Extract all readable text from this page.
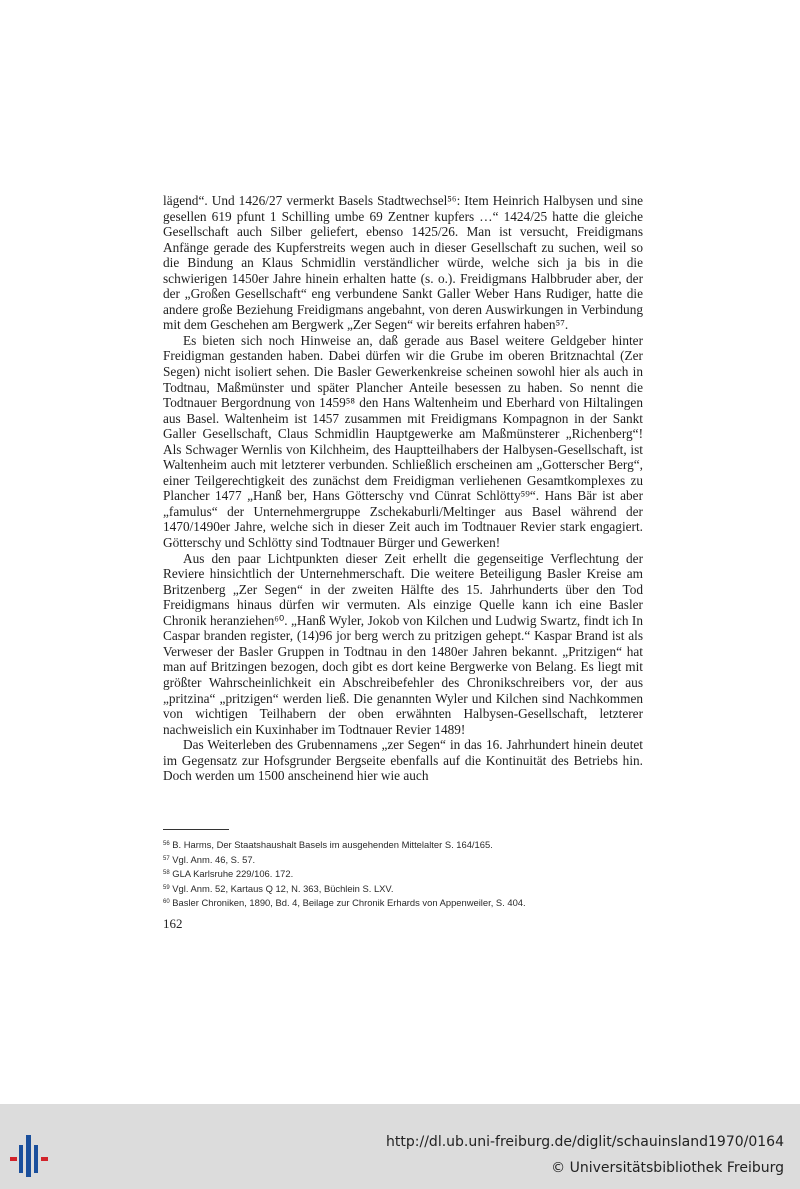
lägend“. Und 1426/27 vermerkt Basels Stadtwechsel⁵⁶: Item Heinrich Halbysen und sine gesellen 619 pfunt 1 Schilling umbe 69 Zentner kupfers …“ 1424/25 hatte die gleiche Gesellschaft auch Silber geliefert, ebenso 1425/26. Man ist versucht, Freidigmans Anfänge gerade des Kupferstreits wegen auch in dieser Gesellschaft zu suchen, weil so die Bindung an Klaus Schmidlin verständlicher würde, welche sich ja bis in die schwierigen 1450er Jahre hinein erhalten hatte (s. o.). Freidigmans Halbbruder aber, der der „Großen Gesellschaft“ eng verbundene Sankt Galler Weber Hans Rudiger, hatte die andere große Beziehung Freidigmans angebahnt, von deren Auswirkungen in Verbindung mit dem Geschehen am Bergwerk „Zer Segen“ wir bereits erfahren haben⁵⁷.

Es bieten sich noch Hinweise an, daß gerade aus Basel weitere Geldgeber hinter Freidigman gestanden haben. Dabei dürfen wir die Grube im oberen Britznachtal (Zer Segen) nicht isoliert sehen. Die Basler Gewerkenkreise scheinen sowohl hier als auch in Todtnau, Maßmünster und später Plancher Anteile besessen zu haben. So nennt die Todtnauer Bergordnung von 1459⁵⁸ den Hans Waltenheim und Eberhard von Hiltalingen aus Basel. Waltenheim ist 1457 zusammen mit Freidigmans Kompagnon in der Sankt Galler Gesellschaft, Claus Schmidlin Hauptgewerke am Maßmünsterer „Richenberg“! Als Schwager Wernlis von Kilchheim, des Hauptteilhabers der Halbysen-Gesellschaft, ist Waltenheim auch mit letzterer verbunden. Schließlich erscheinen am „Gotterscher Berg“, einer Teilgerechtigkeit des zunächst dem Freidigman verliehenen Gesamtkomplexes zu Plancher 1477 „Hanß ber, Hans Götterschy vnd Cünrat Schlötty⁵⁹“. Hans Bär ist aber „famulus“ der Unternehmergruppe Zschekaburli/Meltinger aus Basel während der 1470/1490er Jahre, welche sich in dieser Zeit auch im Todtnauer Revier stark engagiert. Götterschy und Schlötty sind Todtnauer Bürger und Gewerken!

Aus den paar Lichtpunkten dieser Zeit erhellt die gegenseitige Verflechtung der Reviere hinsichtlich der Unternehmerschaft. Die weitere Beteiligung Basler Kreise am Britzenberg „Zer Segen“ in der zweiten Hälfte des 15. Jahrhunderts über den Tod Freidigmans hinaus dürfen wir vermuten. Als einzige Quelle kann ich eine Basler Chronik heranziehen⁶⁰. „Hanß Wyler, Jokob von Kilchen und Ludwig Swartz, findt ich In Caspar branden register, (14)96 jor berg werch zu pritzigen gehept.“ Kaspar Brand ist als Verweser der Basler Gruppen in Todtnau in den 1480er Jahren bekannt. „Pritzigen“ hat man auf Britzingen bezogen, doch gibt es dort keine Bergwerke von Belang. Es liegt mit größter Wahrscheinlichkeit ein Abschreibefehler des Chronikschreibers vor, der aus „pritzina“ „pritzigen“ werden ließ. Die genannten Wyler und Kilchen sind Nachkommen von wichtigen Teilhabern der oben erwähnten Halbysen-Gesellschaft, letzterer nachweislich ein Kuxinhaber im Todtnauer Revier 1489!

Das Weiterleben des Grubennamens „zer Segen“ in das 16. Jahrhundert hinein deutet im Gegensatz zur Hofsgrunder Bergseite ebenfalls auf die Kontinuität des Betriebs hin. Doch werden um 1500 anscheinend hier wie auch

$^{56}$ B. Harms, Der Staatshaushalt Basels im ausgehenden Mittelalter S. 164/165.
$^{57}$ Vgl. Anm. 46, S. 57.
$^{58}$ GLA Karlsruhe 229/106. 172.
$^{59}$ Vgl. Anm. 52, Kartaus Q 12, N. 363, Büchlein S. LXV.
$^{60}$ Basler Chroniken, 1890, Bd. 4, Beilage zur Chronik Erhards von Appenweiler, S. 404.
162
http://dl.ub.uni-freiburg.de/diglit/schauinsland1970/0164
© Universitätsbibliothek Freiburg
